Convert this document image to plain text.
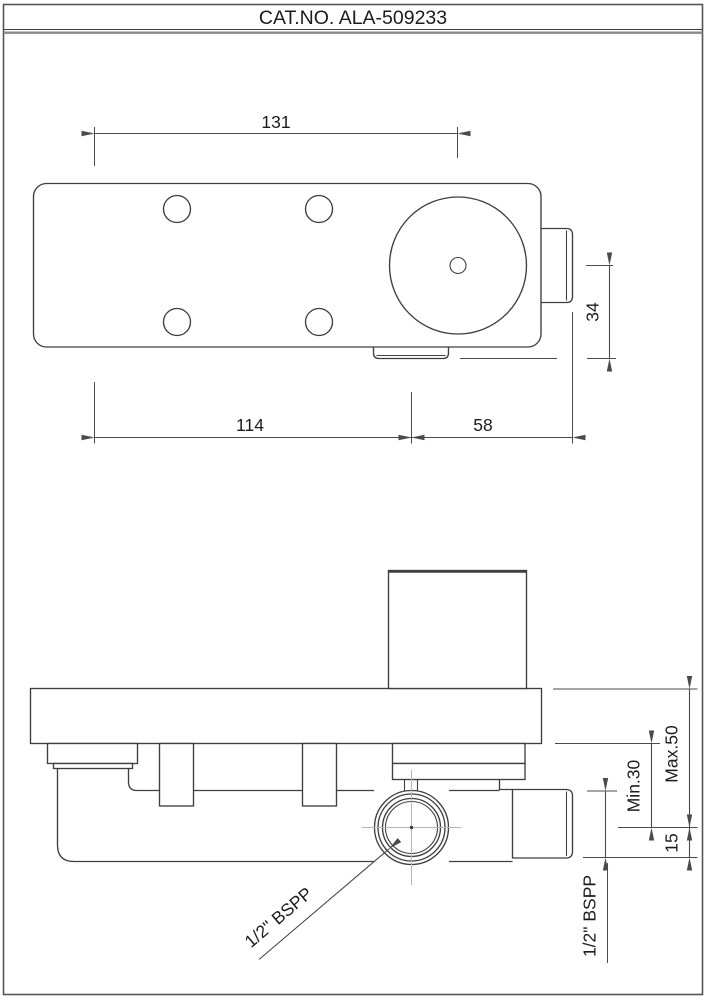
CAT.NO. ALA-509233
131
34
114	58
Max.50
Min.30
15
1/2" BSPP
1/2" BSPP
